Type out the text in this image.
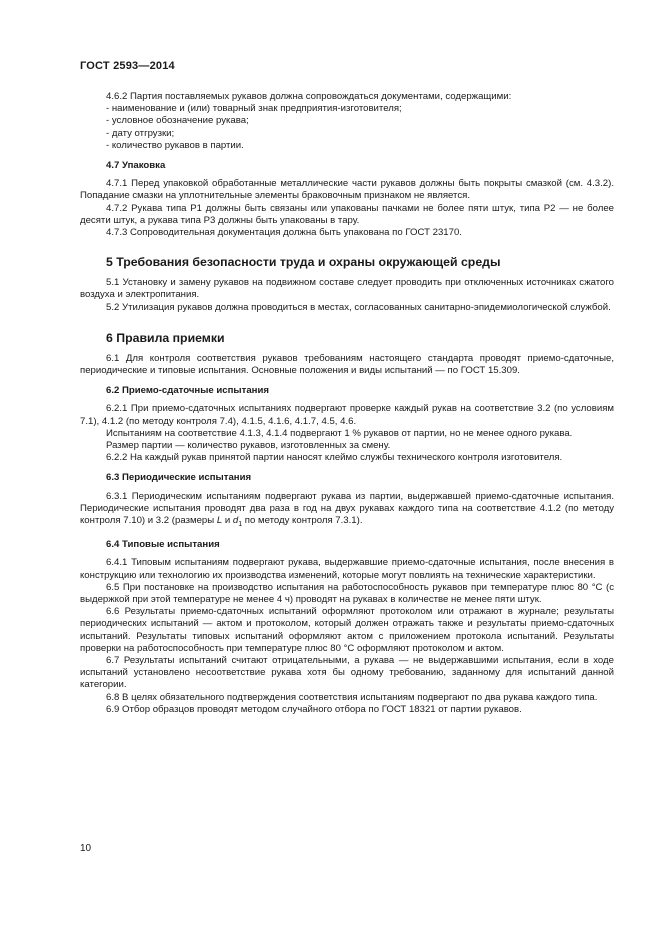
ГОСТ 2593—2014

4.6.2 Партия поставляемых рукавов должна сопровождаться документами, содержащими:

- наименование и (или) товарный знак предприятия-изготовителя;

- условное обозначение рукава;

- дату отгрузки;

- количество рукавов в партии.

4.7 Упаковка

4.7.1 Перед упаковкой обработанные металлические части рукавов должны быть покрыты смазкой (см. 4.3.2). Попадание смазки на уплотнительные элементы браковочным признаком не является.

4.7.2 Рукава типа Р1 должны быть связаны или упакованы пачками не более пяти штук, типа Р2 — не более десяти штук, а рукава типа Р3 должны быть упакованы в тару.

4.7.3 Сопроводительная документация должна быть упакована по ГОСТ 23170.

5 Требования безопасности труда и охраны окружающей среды

5.1 Установку и замену рукавов на подвижном составе следует проводить при отключенных источниках сжатого воздуха и электропитания.

5.2 Утилизация рукавов должна проводиться в местах, согласованных санитарно-эпидемиологической службой.

6 Правила приемки

6.1 Для контроля соответствия рукавов требованиям настоящего стандарта проводят приемо-сдаточные, периодические и типовые испытания. Основные положения и виды испытаний — по ГОСТ 15.309.

6.2 Приемо-сдаточные испытания

6.2.1 При приемо-сдаточных испытаниях подвергают проверке каждый рукав на соответствие 3.2 (по условиям 7.1), 4.1.2 (по методу контроля 7.4), 4.1.5, 4.1.6, 4.1.7, 4.5, 4.6.

Испытаниям на соответствие 4.1.3, 4.1.4 подвергают 1 % рукавов от партии, но не менее одного рукава.

Размер партии — количество рукавов, изготовленных за смену.

6.2.2 На каждый рукав принятой партии наносят клеймо службы технического контроля изготовителя.

6.3 Периодические испытания

6.3.1 Периодическим испытаниям подвергают рукава из партии, выдержавшей приемо-сдаточные испытания. Периодические испытания проводят два раза в год на двух рукавах каждого типа на соответствие 4.1.2 (по методу контроля 7.10) и 3.2 (размеры L и $d_1$ по методу контроля 7.3.1).

6.4 Типовые испытания

6.4.1 Типовым испытаниям подвергают рукава, выдержавшие приемо-сдаточные испытания, после внесения в конструкцию или технологию их производства изменений, которые могут повлиять на технические характеристики.

6.5 При постановке на производство испытания на работоспособность рукавов при температуре плюс 80 °С (с выдержкой при этой температуре не менее 4 ч) проводят на рукавах в количестве не менее пяти штук.

6.6 Результаты приемо-сдаточных испытаний оформляют протоколом или отражают в журнале; результаты периодических испытаний — актом и протоколом, который должен отражать также и результаты приемо-сдаточных испытаний. Результаты типовых испытаний оформляют актом с приложением протокола испытаний. Результаты проверки на работоспособность при температуре плюс 80 °С оформляют протоколом и актом.

6.7 Результаты испытаний считают отрицательными, а рукава — не выдержавшими испытания, если в ходе испытаний установлено несоответствие рукава хотя бы одному требованию, заданному для испытаний данной категории.

6.8 В целях обязательного подтверждения соответствия испытаниям подвергают по два рукава каждого типа.

6.9 Отбор образцов проводят методом случайного отбора по ГОСТ 18321 от партии рукавов.

10
